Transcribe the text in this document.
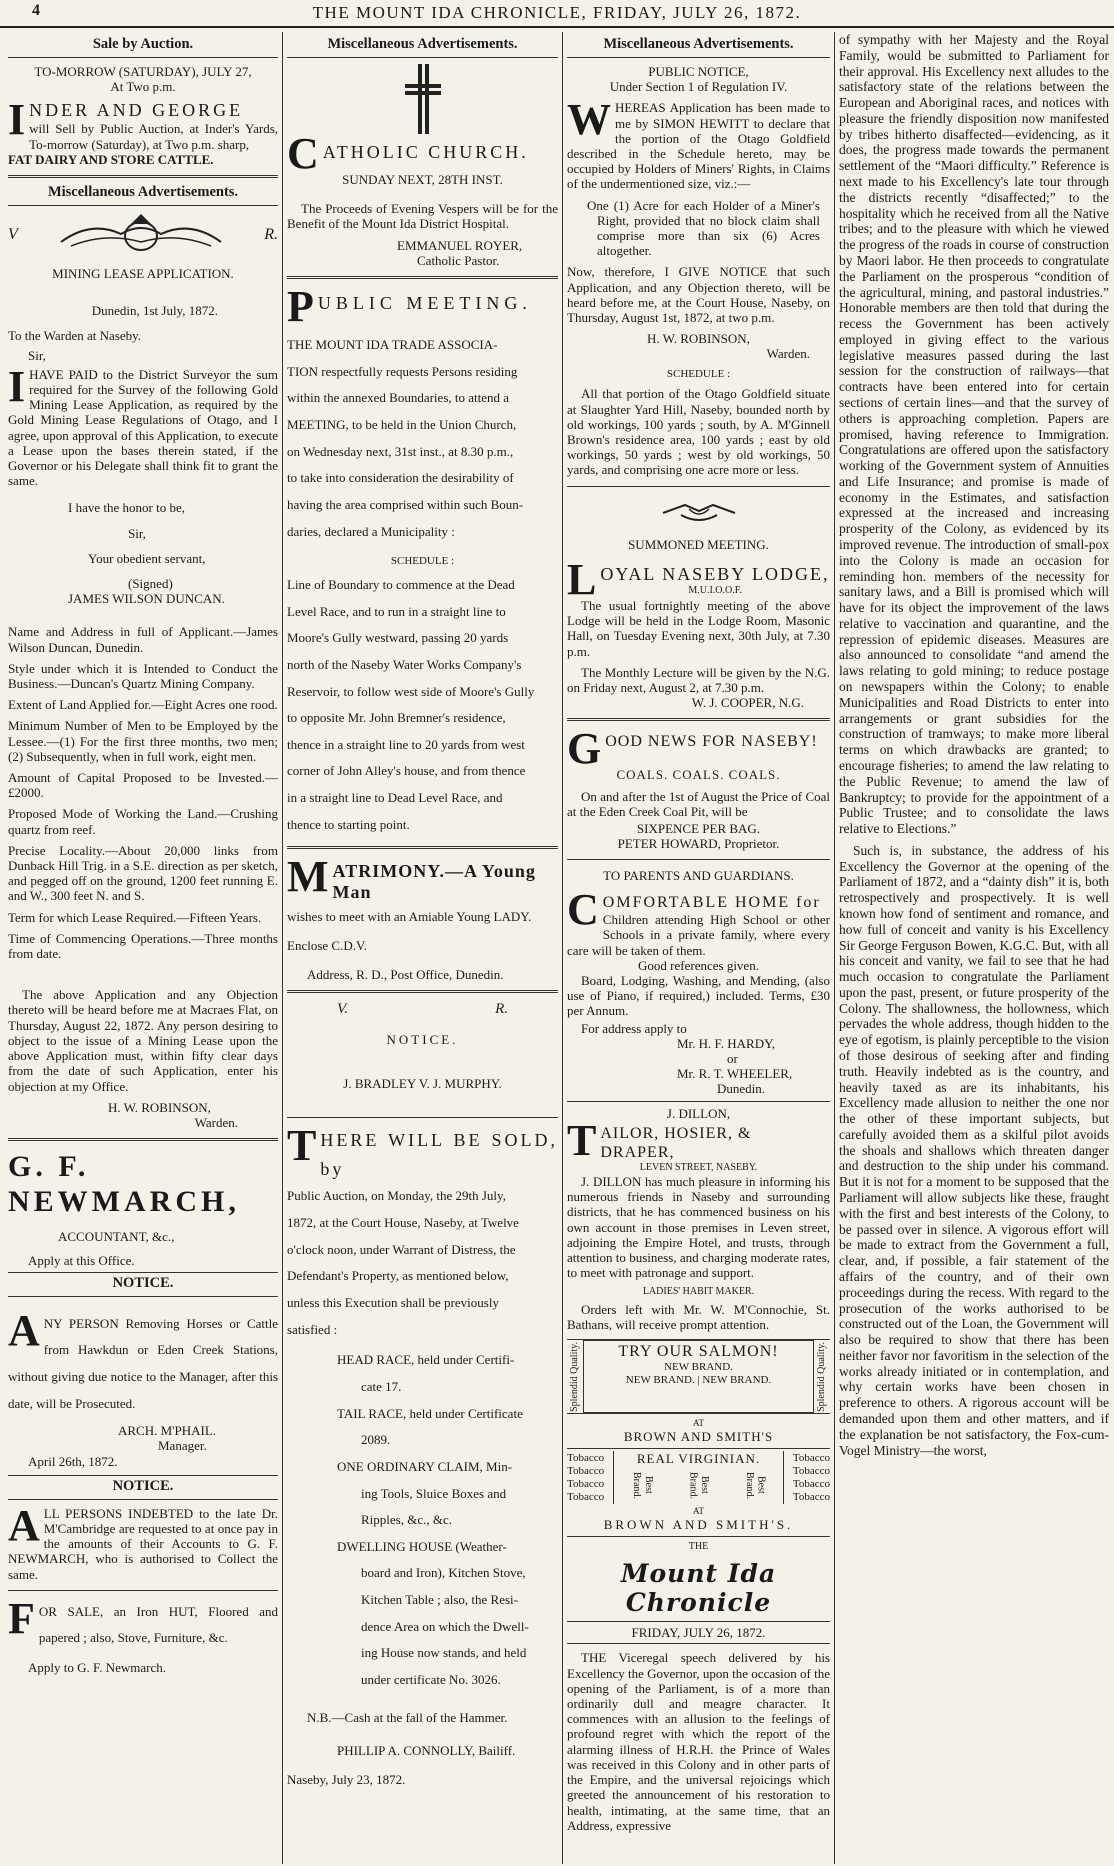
4	THE MOUNT IDA CHRONICLE, FRIDAY, JULY 26, 1872.
Sale by Auction.
TO-MORROW (SATURDAY), JULY 27,
At Two p.m.
I NDER AND GEORGE
will Sell by Public Auction, at Inder's Yards, To-morrow (Saturday), at Two p.m. sharp,
FAT DAIRY AND STORE CATTLE.
Miscellaneous Advertisements.
V	R.
MINING LEASE APPLICATION.
Dunedin, 1st July, 1872.
To the Warden at Naseby.
Sir,
I HAVE PAID to the District Surveyor the sum required for the Survey of the following Gold Mining Lease Application, as required by the Gold Mining Lease Regulations of Otago, and I agree, upon approval of this Application, to execute a Lease upon the bases therein stated, if the Governor or his Delegate shall think fit to grant the same.
I have the honor to be,
Sir,
Your obedient servant,
(Signed)
JAMES WILSON DUNCAN.
Name and Address in full of Applicant.—James Wilson Duncan, Dunedin.
Style under which it is Intended to Conduct the Business.—Duncan's Quartz Mining Company.
Extent of Land Applied for.—Eight Acres one rood.
Minimum Number of Men to be Employed by the Lessee.—(1) For the first three months, two men; (2) Subsequently, when in full work, eight men.
Amount of Capital Proposed to be Invested.—£2000.
Proposed Mode of Working the Land.—Crushing quartz from reef.
Precise Locality.—About 20,000 links from Dunback Hill Trig. in a S.E. direction as per sketch, and pegged off on the ground, 1200 feet running E. and W., 300 feet N. and S.
Term for which Lease Required.—Fifteen Years.
Time of Commencing Operations.—Three months from date.
The above Application and any Objection thereto will be heard before me at Macraes Flat, on Thursday, August 22, 1872. Any person desiring to object to the issue of a Mining Lease upon the above Application must, within fifty clear days from the date of such Application, enter his objection at my Office.
H. W. ROBINSON,
Warden.
G. F. NEWMARCH,
ACCOUNTANT, &c.,
Apply at this Office.
NOTICE.
A NY PERSON Removing Horses or Cattle from Hawkdun or Eden Creek Stations, without giving due notice to the Manager, after this date, will be Prosecuted.
ARCH. M'PHAIL.
Manager.
April 26th, 1872.
NOTICE.
A LL PERSONS INDEBTED to the late Dr. M'Cambridge are requested to at once pay in the amounts of their Accounts to G. F. NEWMARCH, who is authorised to Collect the same.
F OR SALE, an Iron HUT, Floored and papered ; also, Stove, Furniture, &c.
Apply to G. F. Newmarch.
Miscellaneous Advertisements.
C ATHOLIC CHURCH.
SUNDAY NEXT, 28TH INST.
The Proceeds of Evening Vespers will be for the Benefit of the Mount Ida District Hospital.
EMMANUEL ROYER,
Catholic Pastor.
P UBLIC MEETING.
THE MOUNT IDA TRADE ASSOCIA-
TION respectfully requests Persons residing
within the annexed Boundaries, to attend a
MEETING, to be held in the Union Church,
on Wednesday next, 31st inst., at 8.30 p.m.,
to take into consideration the desirability of
having the area comprised within such Boun-
daries, declared a Municipality :
SCHEDULE :
Line of Boundary to commence at the Dead
Level Race, and to run in a straight line to
Moore's Gully westward, passing 20 yards
north of the Naseby Water Works Company's
Reservoir, to follow west side of Moore's Gully
to opposite Mr. John Bremner's residence,
thence in a straight line to 20 yards from west
corner of John Alley's house, and from thence
in a straight line to Dead Level Race, and
thence to starting point.
M ATRIMONY.—A Young Man
wishes to meet with an Amiable Young LADY.
Enclose C.D.V.
Address, R. D., Post Office, Dunedin.
V.	R.
NOTICE.
J. BRADLEY V. J. MURPHY.
T HERE WILL BE SOLD, by
Public Auction, on Monday, the 29th July,
1872, at the Court House, Naseby, at Twelve
o'clock noon, under Warrant of Distress, the
Defendant's Property, as mentioned below,
unless this Execution shall be previously
satisfied :
HEAD RACE, held under Certifi-
cate 17.
TAIL RACE, held under Certificate
2089.
ONE ORDINARY CLAIM, Min-
ing Tools, Sluice Boxes and
Ripples, &c., &c.
DWELLING HOUSE (Weather-
board and Iron), Kitchen Stove,
Kitchen Table ; also, the Resi-
dence Area on which the Dwell-
ing House now stands, and held
under certificate No. 3026.
N.B.—Cash at the fall of the Hammer.
PHILLIP A. CONNOLLY, Bailiff.
Naseby, July 23, 1872.
Miscellaneous Advertisements.
PUBLIC NOTICE,
Under Section 1 of Regulation IV.
W HEREAS Application has been made to me by SIMON HEWITT to declare that the portion of the Otago Goldfield described in the Schedule hereto, may be occupied by Holders of Miners' Rights, in Claims of the undermentioned size, viz.:—
One (1) Acre for each Holder of a Miner's Right, provided that no block claim shall comprise more than six (6) Acres altogether.
Now, therefore, I GIVE NOTICE that such Application, and any Objection thereto, will be heard before me, at the Court House, Naseby, on Thursday, August 1st, 1872, at two p.m.
H. W. ROBINSON,
Warden.
SCHEDULE :
All that portion of the Otago Goldfield situate at Slaughter Yard Hill, Naseby, bounded north by old workings, 100 yards ; south, by A. M'Ginnell Brown's residence area, 100 yards ; east by old workings, 50 yards ; west by old workings, 50 yards, and comprising one acre more or less.
SUMMONED MEETING.
L OYAL NASEBY LODGE,
M.U.I.O.O.F.
The usual fortnightly meeting of the above Lodge will be held in the Lodge Room, Masonic Hall, on Tuesday Evening next, 30th July, at 7.30 p.m.
The Monthly Lecture will be given by the N.G. on Friday next, August 2, at 7.30 p.m.
W. J. COOPER, N.G.
G OOD NEWS FOR NASEBY!
COALS. COALS. COALS.
On and after the 1st of August the Price of Coal at the Eden Creek Coal Pit, will be
SIXPENCE PER BAG.
PETER HOWARD, Proprietor.
TO PARENTS AND GUARDIANS.
C OMFORTABLE HOME for
Children attending High School or other Schools in a private family, where every care will be taken of them.
Good references given.
Board, Lodging, Washing, and Mending, (also use of Piano, if required,) included. Terms, £30 per Annum.
For address apply to
Mr. H. F. HARDY,
or
Mr. R. T. WHEELER,
Dunedin.
J. DILLON,
T AILOR, HOSIER, & DRAPER,
LEVEN STREET, NASEBY.
J. DILLON has much pleasure in informing his numerous friends in Naseby and surrounding districts, that he has commenced business on his own account in those premises in Leven street, adjoining the Empire Hotel, and trusts, through attention to business, and charging moderate rates, to meet with patronage and support.
LADIES' HABIT MAKER.
Orders left with Mr. W. M'Connochie, St. Bathans, will receive prompt attention.
Splendid Quality.	TRY OUR SALMON!
NEW BRAND.
NEW BRAND. | NEW BRAND.	Splendid Quality.
AT
BROWN AND SMITH'S
Tobacco
Tobacco
Tobacco
Tobacco
REAL VIRGINIAN.
Best Brand.	Best Brand.	Best Brand.
Tobacco
Tobacco
Tobacco
Tobacco
AT
BROWN AND SMITH'S.
THE
Mount Ida Chronicle
FRIDAY, JULY 26, 1872.
THE Viceregal speech delivered by his Excellency the Governor, upon the occasion of the opening of the Parliament, is of a more than ordinarily dull and meagre character. It commences with an allusion to the feelings of profound regret with which the report of the alarming illness of H.R.H. the Prince of Wales was received in this Colony and in other parts of the Empire, and the universal rejoicings which greeted the announcement of his restoration to health, intimating, at the same time, that an Address, expressive
of sympathy with her Majesty and the Royal Family, would be submitted to Parliament for their approval. His Excellency next alludes to the satisfactory state of the relations between the European and Aboriginal races, and notices with pleasure the friendly disposition now manifested by tribes hitherto disaffected—evidencing, as it does, the progress made towards the permanent settlement of the “Maori difficulty.” Reference is next made to his Excellency's late tour through the districts recently “disaffected;” to the hospitality which he received from all the Native tribes; and to the pleasure with which he viewed the progress of the roads in course of construction by Maori labor. He then proceeds to congratulate the Parliament on the prosperous “condition of the agricultural, mining, and pastoral industries.” Honorable members are then told that during the recess the Government has been actively employed in giving effect to the various legislative measures passed during the last session for the construction of railways—that contracts have been entered into for certain sections of certain lines—and that the survey of others is approaching completion. Papers are promised, having reference to Immigration. Congratulations are offered upon the satisfactory working of the Government system of Annuities and Life Insurance; and promise is made of economy in the Estimates, and satisfaction expressed at the increased and increasing prosperity of the Colony, as evidenced by its improved revenue. The introduction of small-pox into the Colony is made an occasion for reminding hon. members of the necessity for sanitary laws, and a Bill is promised which will have for its object the improvement of the laws relative to vaccination and quarantine, and the repression of epidemic diseases. Measures are also announced to consolidate “and amend the laws relating to gold mining; to reduce postage on newspapers within the Colony; to enable Municipalities and Road Districts to enter into arrangements or grant subsidies for the construction of tramways; to make more liberal terms on which drawbacks are granted; to encourage fisheries; to amend the law relating to the Public Revenue; to amend the law of Bankruptcy; to provide for the appointment of a Public Trustee; and to consolidate the laws relative to Elections.”
Such is, in substance, the address of his Excellency the Governor at the opening of the Parliament of 1872, and a “dainty dish” it is, both retrospectively and prospectively. It is well known how fond of sentiment and romance, and how full of conceit and vanity is his Excellency Sir George Ferguson Bowen, K.G.C. But, with all his conceit and vanity, we fail to see that he had much occasion to congratulate the Parliament upon the past, present, or future prosperity of the Colony. The shallowness, the hollowness, which pervades the whole address, though hidden to the eye of egotism, is plainly perceptible to the vision of those desirous of seeking after and finding truth. Heavily indebted as is the country, and heavily taxed as are its inhabitants, his Excellency made allusion to neither the one nor the other of these important subjects, but carefully avoided them as a skilful pilot avoids the shoals and shallows which threaten danger and destruction to the ship under his command. But it is not for a moment to be supposed that the Parliament will allow subjects like these, fraught with the first and best interests of the Colony, to be passed over in silence. A vigorous effort will be made to extract from the Government a full, clear, and, if possible, a fair statement of the affairs of the country, and of their own proceedings during the recess. With regard to the prosecution of the works authorised to be constructed out of the Loan, the Government will also be required to show that there has been neither favor nor favoritism in the selection of the works already initiated or in contemplation, and why certain works have been chosen in preference to others. A rigorous account will be demanded upon them and other matters, and if the explanation be not satisfactory, the Fox-cum-Vogel Ministry—the worst,
